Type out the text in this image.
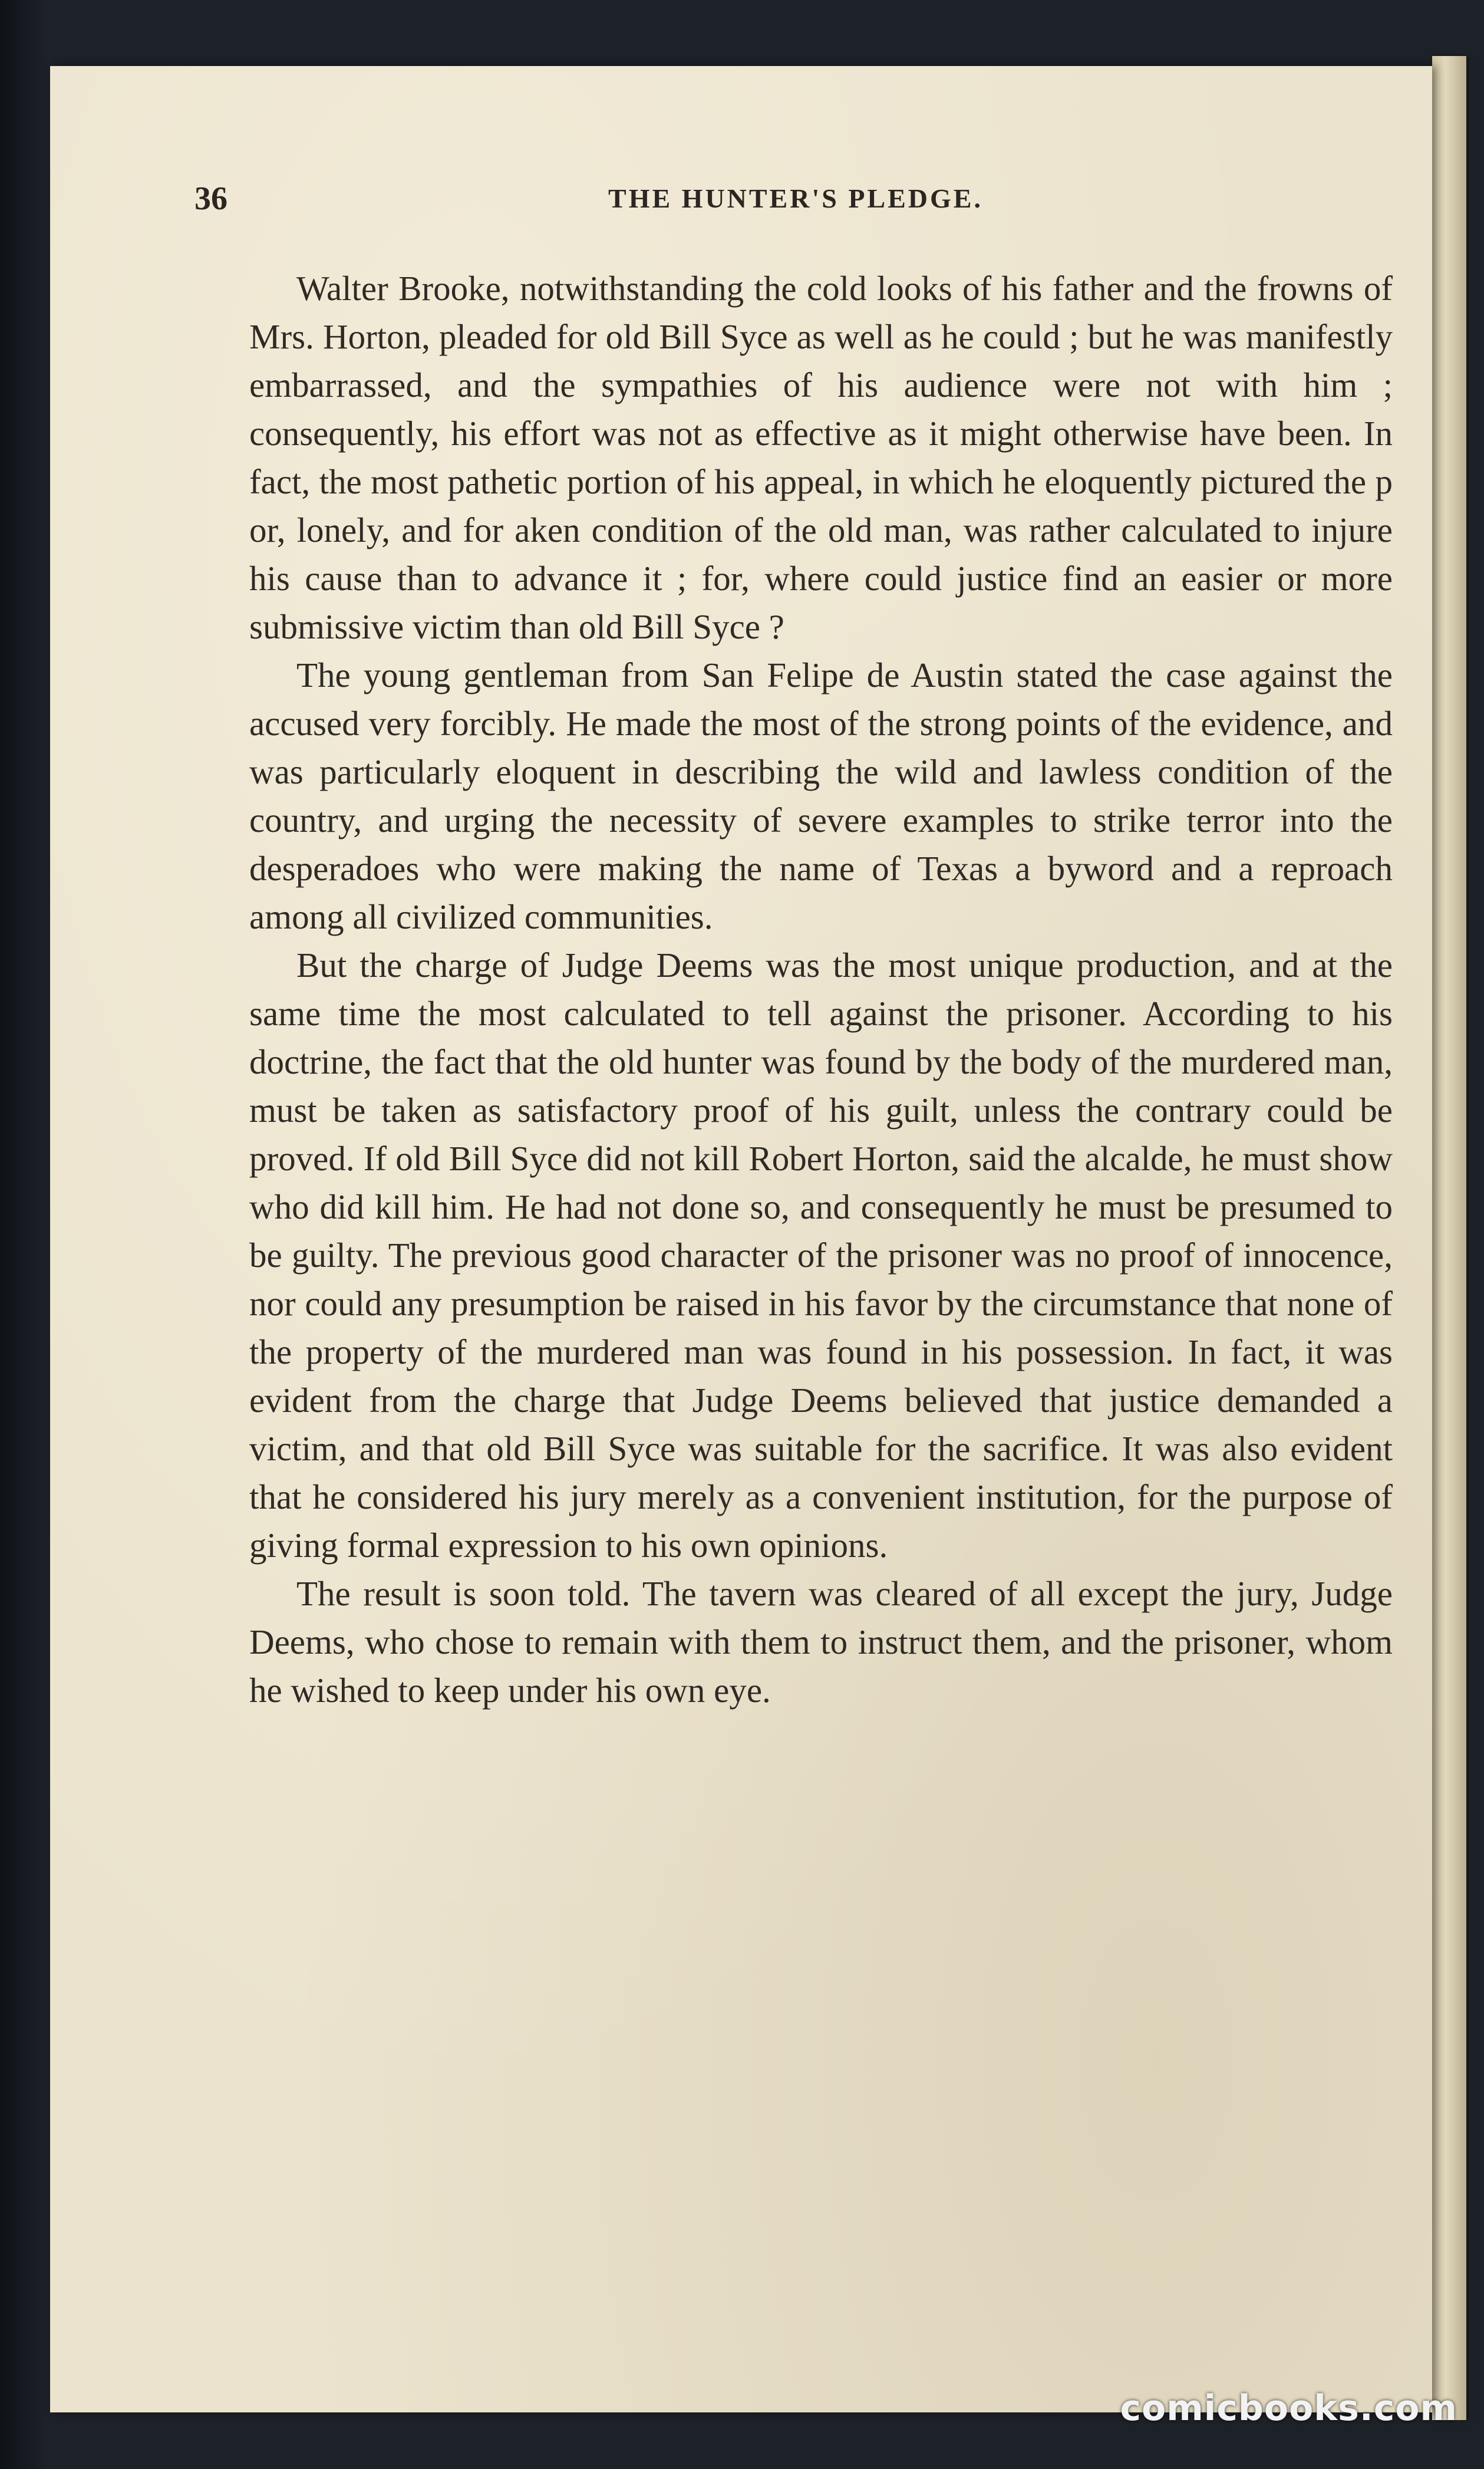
36	THE HUNTER'S PLEDGE.

Walter Brooke, notwithstanding the cold looks of his father and the frowns of Mrs. Horton, pleaded for old Bill Syce as well as he could ; but he was manifestly embarrassed, and the sympathies of his audience were not with him ; consequently, his effort was not as effective as it might otherwise have been. In fact, the most pathetic portion of his appeal, in which he eloquently pictured the p or, lonely, and for aken condition of the old man, was rather calculated to injure his cause than to advance it ; for, where could justice find an easier or more submissive victim than old Bill Syce ?

The young gentleman from San Felipe de Austin stated the case against the accused very forcibly. He made the most of the strong points of the evidence, and was particularly eloquent in describing the wild and lawless condition of the country, and urging the necessity of severe examples to strike terror into the desperadoes who were making the name of Texas a byword and a reproach among all civilized communities.

But the charge of Judge Deems was the most unique production, and at the same time the most calculated to tell against the prisoner. According to his doctrine, the fact that the old hunter was found by the body of the murdered man, must be taken as satisfactory proof of his guilt, unless the contrary could be proved. If old Bill Syce did not kill Robert Horton, said the alcalde, he must show who did kill him. He had not done so, and consequently he must be presumed to be guilty. The previous good character of the prisoner was no proof of innocence, nor could any presumption be raised in his favor by the circumstance that none of the property of the murdered man was found in his possession. In fact, it was evident from the charge that Judge Deems believed that justice demanded a victim, and that old Bill Syce was suitable for the sacrifice. It was also evident that he considered his jury merely as a convenient institution, for the purpose of giving formal expression to his own opinions.

The result is soon told. The tavern was cleared of all except the jury, Judge Deems, who chose to remain with them to instruct them, and the prisoner, whom he wished to keep under his own eye.

comicbooks.com
